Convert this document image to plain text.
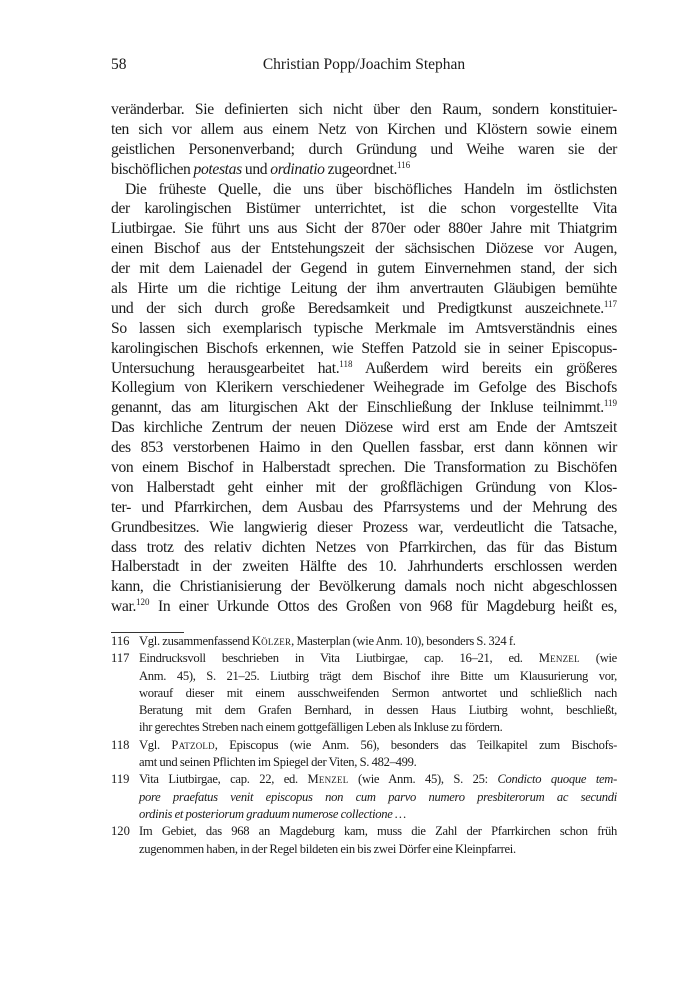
58	Christian Popp/Joachim Stephan
veränderbar. Sie definierten sich nicht über den Raum, sondern konstituier-
ten sich vor allem aus einem Netz von Kirchen und Klöstern sowie einem
geistlichen Personenverband; durch Gründung und Weihe waren sie der
bischöflichen potestas und ordinatio zugeordnet.$^{116}$
Die früheste Quelle, die uns über bischöfliches Handeln im östlichsten
der karolingischen Bistümer unterrichtet, ist die schon vorgestellte Vita
Liutbirgae. Sie führt uns aus Sicht der 870er oder 880er Jahre mit Thiatgrim
einen Bischof aus der Entstehungszeit der sächsischen Diözese vor Augen,
der mit dem Laienadel der Gegend in gutem Einvernehmen stand, der sich
als Hirte um die richtige Leitung der ihm anvertrauten Gläubigen bemühte
und der sich durch große Beredsamkeit und Predigtkunst auszeichnete.$^{117}$
So lassen sich exemplarisch typische Merkmale im Amtsverständnis eines
karolingischen Bischofs erkennen, wie Steffen Patzold sie in seiner Episcopus-
Untersuchung herausgearbeitet hat.$^{118}$ Außerdem wird bereits ein größeres
Kollegium von Klerikern verschiedener Weihegrade im Gefolge des Bischofs
genannt, das am liturgischen Akt der Einschließung der Inkluse teilnimmt.$^{119}$
Das kirchliche Zentrum der neuen Diözese wird erst am Ende der Amtszeit
des 853 verstorbenen Haimo in den Quellen fassbar, erst dann können wir
von einem Bischof in Halberstadt sprechen. Die Transformation zu Bischöfen
von Halberstadt geht einher mit der großflächigen Gründung von Klos-
ter- und Pfarrkirchen, dem Ausbau des Pfarrsystems und der Mehrung des
Grundbesitzes. Wie langwierig dieser Prozess war, verdeutlicht die Tatsache,
dass trotz des relativ dichten Netzes von Pfarrkirchen, das für das Bistum
Halberstadt in der zweiten Hälfte des 10. Jahrhunderts erschlossen werden
kann, die Christianisierung der Bevölkerung damals noch nicht abgeschlossen
war.$^{120}$ In einer Urkunde Ottos des Großen von 968 für Magdeburg heißt es,
116 Vgl. zusammenfassend Kölzer, Masterplan (wie Anm. 10), besonders S. 324 f.
117 Eindrucksvoll beschrieben in Vita Liutbirgae, cap. 16–21, ed. Menzel (wie
Anm. 45), S. 21–25. Liutbirg trägt dem Bischof ihre Bitte um Klausurierung vor,
worauf dieser mit einem ausschweifenden Sermon antwortet und schließlich nach
Beratung mit dem Grafen Bernhard, in dessen Haus Liutbirg wohnt, beschließt,
ihr gerechtes Streben nach einem gottgefälligen Leben als Inkluse zu fördern.
118 Vgl. Patzold, Episcopus (wie Anm. 56), besonders das Teilkapitel zum Bischofs-
amt und seinen Pflichten im Spiegel der Viten, S. 482–499.
119 Vita Liutbirgae, cap. 22, ed. Menzel (wie Anm. 45), S. 25: Condicto quoque tem-
pore praefatus venit episcopus non cum parvo numero presbiterorum ac secundi
ordinis et posteriorum graduum numerose collectione …
120 Im Gebiet, das 968 an Magdeburg kam, muss die Zahl der Pfarrkirchen schon früh
zugenommen haben, in der Regel bildeten ein bis zwei Dörfer eine Kleinpfarrei.
